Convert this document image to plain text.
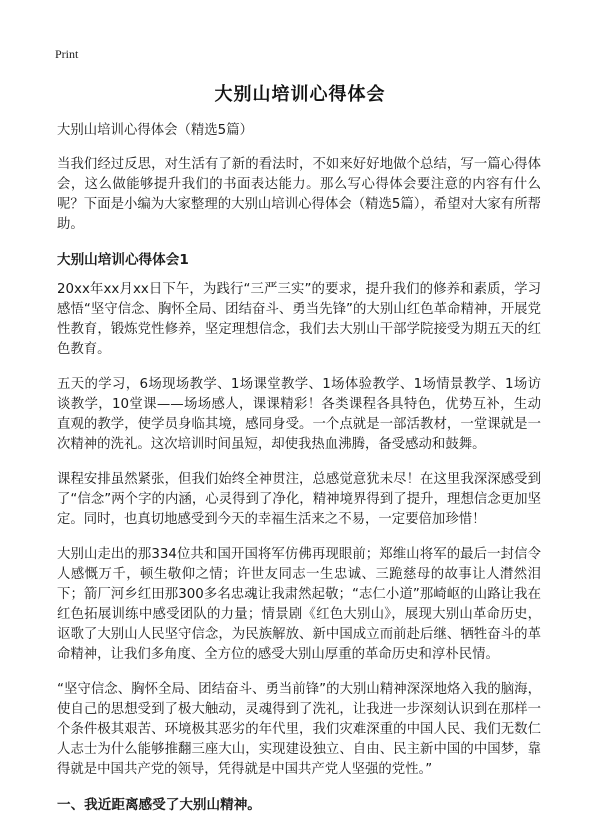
Print
大别山培训心得体会

大别山培训心得体会（精选5篇）

当我们经过反思，对生活有了新的看法时，不如来好好地做个总结，写一篇心得体会，这么做能够提升我们的书面表达能力。那么写心得体会要注意的内容有什么呢？下面是小编为大家整理的大别山培训心得体会（精选5篇），希望对大家有所帮助。

大别山培训心得体会1

20xx年xx月xx日下午，为践行“三严三实”的要求，提升我们的修养和素质，学习感悟“坚守信念、胸怀全局、团结奋斗、勇当先锋”的大别山红色革命精神，开展党性教育，锻炼党性修养，坚定理想信念，我们去大别山干部学院接受为期五天的红色教育。

五天的学习，6场现场教学、1场课堂教学、1场体验教学、1场情景教学、1场访谈教学，10堂课——场场感人，课课精彩！各类课程各具特色，优势互补，生动直观的教学，使学员身临其境，感同身受。一个点就是一部活教材，一堂课就是一次精神的洗礼。这次培训时间虽短，却使我热血沸腾，备受感动和鼓舞。

课程安排虽然紧张，但我们始终全神贯注，总感觉意犹未尽！在这里我深深感受到了“信念”两个字的内涵，心灵得到了净化，精神境界得到了提升，理想信念更加坚定。同时，也真切地感受到今天的幸福生活来之不易，一定要倍加珍惜！

大别山走出的那334位共和国开国将军仿佛再现眼前；郑维山将军的最后一封信令人感慨万千，顿生敬仰之情；许世友同志一生忠诚、三跪慈母的故事让人潸然泪下；箭厂河乡红田那300多名忠魂让我肃然起敬；“志仁小道”那崎岖的山路让我在红色拓展训练中感受团队的力量；情景剧《红色大别山》，展现大别山革命历史，讴歌了大别山人民坚守信念，为民族解放、新中国成立而前赴后继、牺牲奋斗的革命精神，让我们多角度、全方位的感受大别山厚重的革命历史和淳朴民情。

“坚守信念、胸怀全局、团结奋斗、勇当前锋”的大别山精神深深地烙入我的脑海，使自己的思想受到了极大触动，灵魂得到了洗礼，让我进一步深刻认识到在那样一个条件极其艰苦、环境极其恶劣的年代里，我们灾难深重的中国人民、我们无数仁人志士为什么能够推翻三座大山，实现建设独立、自由、民主新中国的中国梦，靠得就是中国共产党的领导，凭得就是中国共产党人坚强的党性。”

一、我近距离感受了大别山精神。
